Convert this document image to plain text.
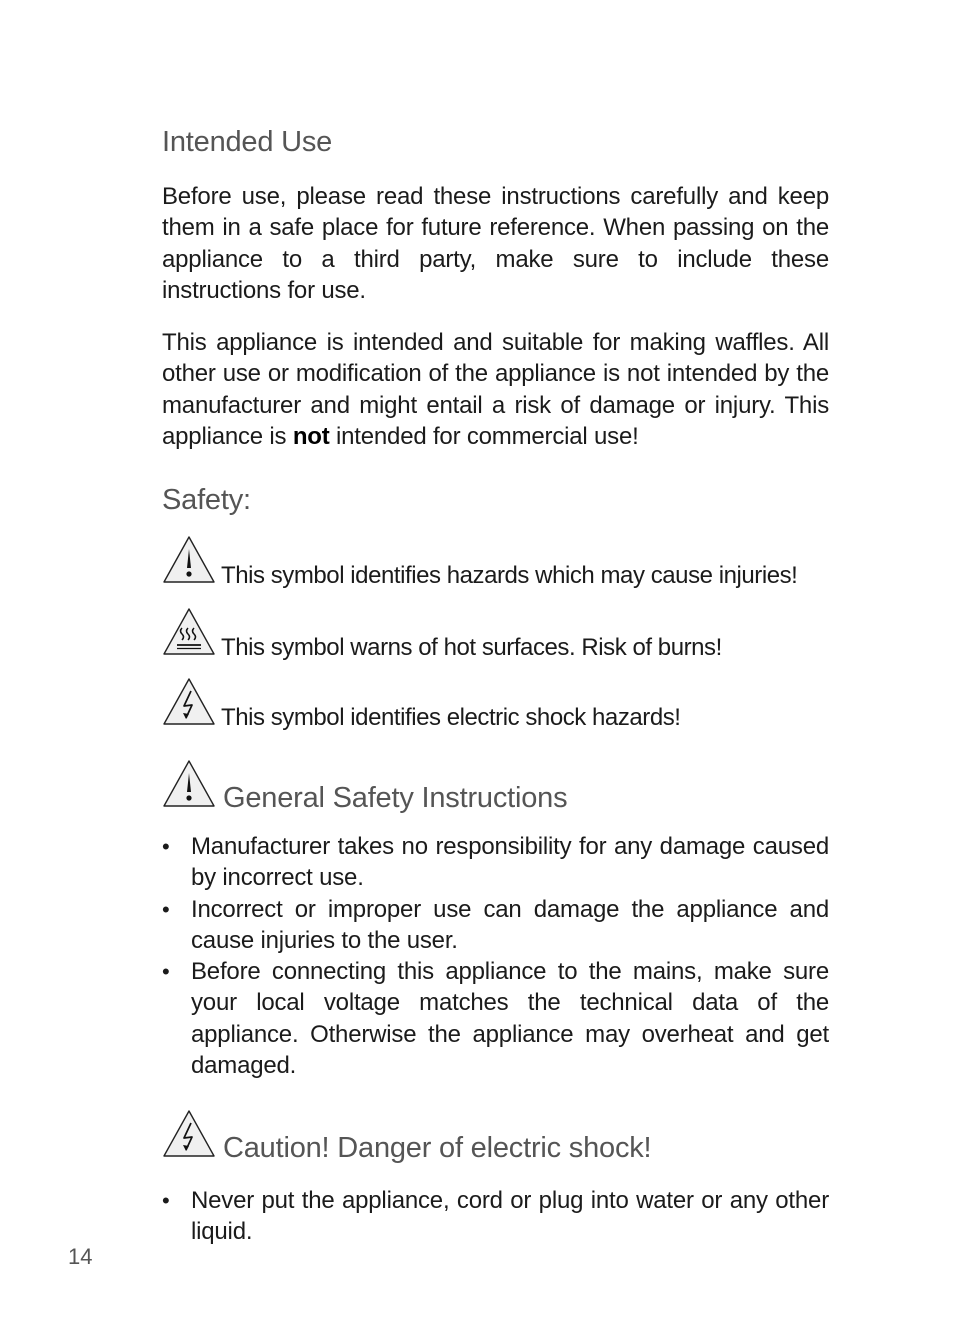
Intended Use

Before use, please read these instructions carefully and keep them in a safe place for future reference. When passing on the appliance to a third party, make sure to include these instructions for use.

This appliance is intended and suitable for making waffles. All other use or modification of the appliance is not intended by the manufacturer and might entail a risk of damage or injury. This appliance is not intended for commercial use!

Safety:
This symbol identifies hazards which may cause injuries!
This symbol warns of hot surfaces. Risk of burns!
This symbol identifies electric shock hazards!
General Safety Instructions
• Manufacturer takes no responsibility for any damage caused by incorrect use.
• Incorrect or improper use can damage the appliance and cause injuries to the user.
• Before connecting this appliance to the mains, make sure your local voltage matches the technical data of the appliance. Otherwise the appliance may overheat and get damaged.
Caution! Danger of electric shock!
• Never put the appliance, cord or plug into water or any other liquid.
14
